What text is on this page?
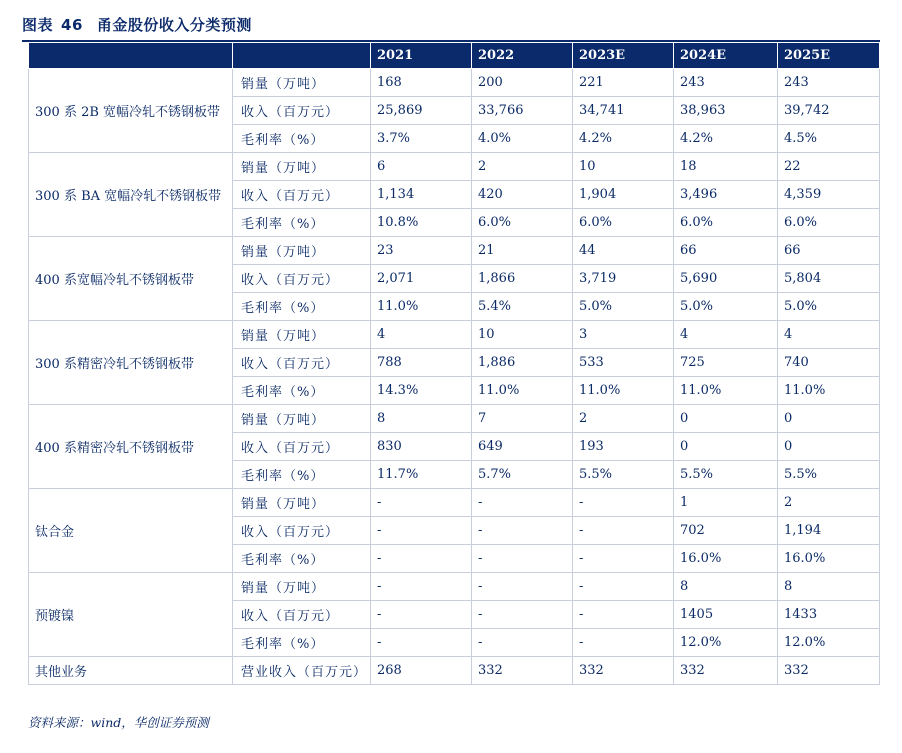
图表 46 甬金股份收入分类预测
		2021	2022	2023E	2024E	2025E
300 系 2B 宽幅冷轧不锈钢板带	销量（万吨）	168	200	221	243	243
	收入（百万元）	25,869	33,766	34,741	38,963	39,742
	毛利率（%）	3.7%	4.0%	4.2%	4.2%	4.5%
300 系 BA 宽幅冷轧不锈钢板带	销量（万吨）	6	2	10	18	22
	收入（百万元）	1,134	420	1,904	3,496	4,359
	毛利率（%）	10.8%	6.0%	6.0%	6.0%	6.0%
400 系宽幅冷轧不锈钢板带	销量（万吨）	23	21	44	66	66
	收入（百万元）	2,071	1,866	3,719	5,690	5,804
	毛利率（%）	11.0%	5.4%	5.0%	5.0%	5.0%
300 系精密冷轧不锈钢板带	销量（万吨）	4	10	3	4	4
	收入（百万元）	788	1,886	533	725	740
	毛利率（%）	14.3%	11.0%	11.0%	11.0%	11.0%
400 系精密冷轧不锈钢板带	销量（万吨）	8	7	2	0	0
	收入（百万元）	830	649	193	0	0
	毛利率（%）	11.7%	5.7%	5.5%	5.5%	5.5%
钛合金	销量（万吨）	-	-	-	1	2
	收入（百万元）	-	-	-	702	1,194
	毛利率（%）	-	-	-	16.0%	16.0%
预镀镍	销量（万吨）	-	-	-	8	8
	收入（百万元）	-	-	-	1405	1433
	毛利率（%）	-	-	-	12.0%	12.0%
其他业务	营业收入（百万元）	268	332	332	332	332
资料来源：wind，华创证券预测
